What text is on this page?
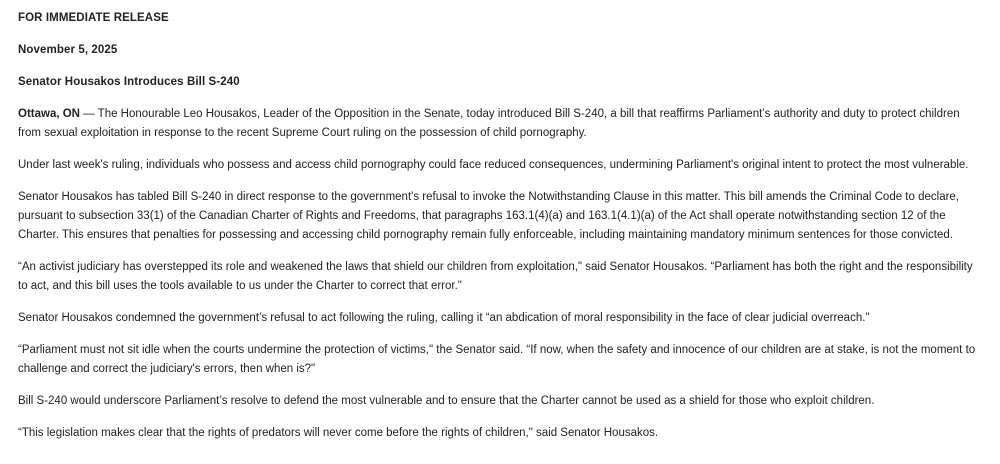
FOR IMMEDIATE RELEASE

November 5, 2025

Senator Housakos Introduces Bill S-240

Ottawa, ON — The Honourable Leo Housakos, Leader of the Opposition in the Senate, today introduced Bill S-240, a bill that reaffirms Parliament’s authority and duty to protect children from sexual exploitation in response to the recent Supreme Court ruling on the possession of child pornography.

Under last week's ruling, individuals who possess and access child pornography could face reduced consequences, undermining Parliament's original intent to protect the most vulnerable.

Senator Housakos has tabled Bill S-240 in direct response to the government's refusal to invoke the Notwithstanding Clause in this matter. This bill amends the Criminal Code to declare, pursuant to subsection 33(1) of the Canadian Charter of Rights and Freedoms, that paragraphs 163.1(4)(a) and 163.1(4.1)(a) of the Act shall operate notwithstanding section 12 of the Charter. This ensures that penalties for possessing and accessing child pornography remain fully enforceable, including maintaining mandatory minimum sentences for those convicted.

“An activist judiciary has overstepped its role and weakened the laws that shield our children from exploitation," said Senator Housakos. “Parliament has both the right and the responsibility to act, and this bill uses the tools available to us under the Charter to correct that error."

Senator Housakos condemned the government’s refusal to act following the ruling, calling it “an abdication of moral responsibility in the face of clear judicial overreach."

“Parliament must not sit idle when the courts undermine the protection of victims," the Senator said. “If now, when the safety and innocence of our children are at stake, is not the moment to challenge and correct the judiciary's errors, then when is?"

Bill S-240 would underscore Parliament’s resolve to defend the most vulnerable and to ensure that the Charter cannot be used as a shield for those who exploit children.

“This legislation makes clear that the rights of predators will never come before the rights of children," said Senator Housakos.
